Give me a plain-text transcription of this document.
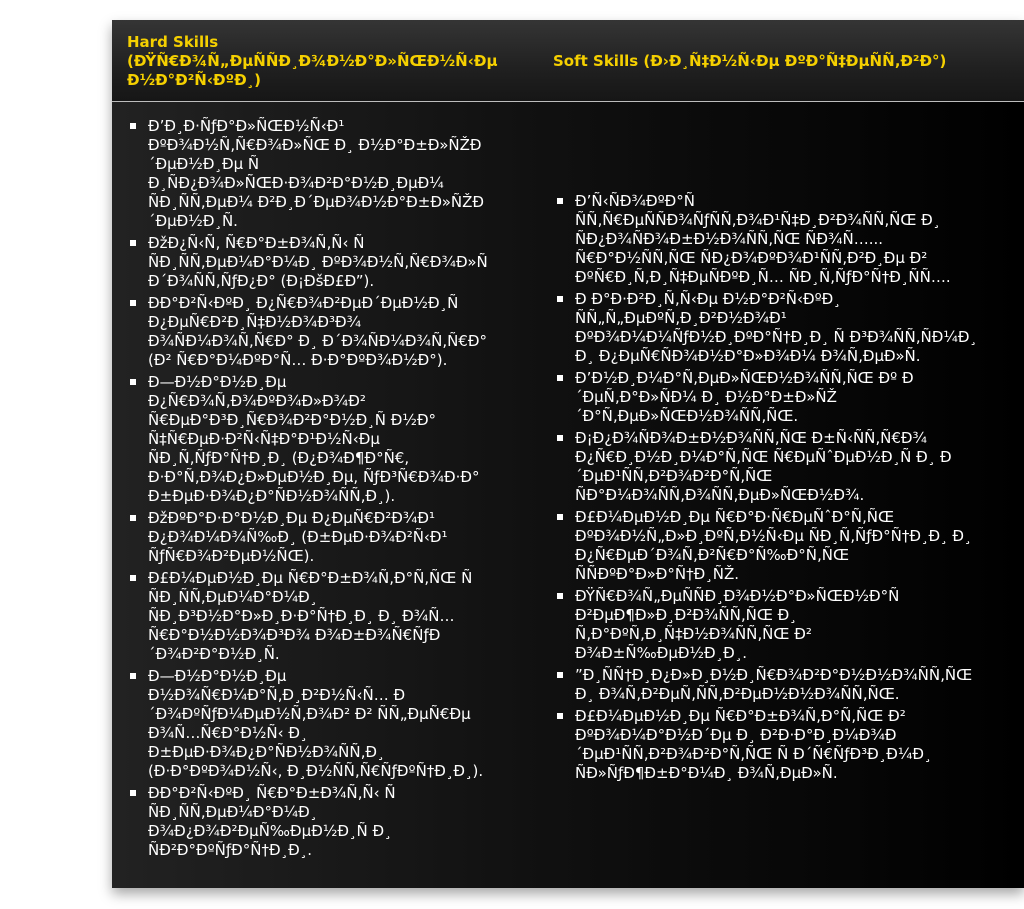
Hard Skills
(ÐŸÑ€Ð¾Ñ„ÐµÑÑÐ¸Ð¾Ð½Ð°Ð»ÑŒÐ½Ñ‹Ðµ
Ð½Ð°Ð²Ñ‹ÐºÐ¸)
Soft Skills (Ð›Ð¸Ñ‡Ð½Ñ‹Ðµ ÐºÐ°Ñ‡ÐµÑÑ‚Ð²Ð°)
Ð’Ð¸Ð·ÑƒÐ°Ð»ÑŒÐ½Ñ‹Ð¹
ÐºÐ¾Ð½Ñ‚Ñ€Ð¾Ð»ÑŒ Ð¸ Ð½Ð°Ð±Ð»ÑŽÐ
´ÐµÐ½Ð¸Ðµ Ñ
Ð¸ÑÐ¿Ð¾Ð»ÑŒÐ·Ð¾Ð²Ð°Ð½Ð¸ÐµÐ¼
ÑÐ¸ÑÑ‚ÐµÐ¼ Ð²Ð¸Ð´ÐµÐ¾Ð½Ð°Ð±Ð»ÑŽÐ
´ÐµÐ½Ð¸Ñ.
ÐžÐ¿Ñ‹Ñ‚ Ñ€Ð°Ð±Ð¾Ñ‚Ñ‹ Ñ
ÑÐ¸ÑÑ‚ÐµÐ¼Ð°Ð¼Ð¸ ÐºÐ¾Ð½Ñ‚Ñ€Ð¾Ð»Ñ
Ð´Ð¾ÑÑ‚ÑƒÐ¿Ð° (Ð¡ÐšÐ£Ð”).
ÐÐ°Ð²Ñ‹ÐºÐ¸ Ð¿Ñ€Ð¾Ð²ÐµÐ´ÐµÐ½Ð¸Ñ
Ð¿ÐµÑ€Ð²Ð¸Ñ‡Ð½Ð¾Ð³Ð¾
Ð¾ÑÐ¼Ð¾Ñ‚Ñ€Ð° Ð¸ Ð´Ð¾ÑÐ¼Ð¾Ñ‚Ñ€Ð°
(Ð² Ñ€Ð°Ð¼ÐºÐ°Ñ… Ð·Ð°ÐºÐ¾Ð½Ð°).
Ð—Ð½Ð°Ð½Ð¸Ðµ
Ð¿Ñ€Ð¾Ñ‚Ð¾ÐºÐ¾Ð»Ð¾Ð²
Ñ€ÐµÐ°Ð³Ð¸Ñ€Ð¾Ð²Ð°Ð½Ð¸Ñ Ð½Ð°
Ñ‡Ñ€ÐµÐ·Ð²Ñ‹Ñ‡Ð°Ð¹Ð½Ñ‹Ðµ
ÑÐ¸Ñ‚ÑƒÐ°Ñ†Ð¸Ð¸ (Ð¿Ð¾Ð¶Ð°Ñ€,
Ð·Ð°Ñ‚Ð¾Ð¿Ð»ÐµÐ½Ð¸Ðµ, ÑƒÐ³Ñ€Ð¾Ð·Ð°
Ð±ÐµÐ·Ð¾Ð¿Ð°ÑÐ½Ð¾ÑÑ‚Ð¸).
ÐžÐºÐ°Ð·Ð°Ð½Ð¸Ðµ Ð¿ÐµÑ€Ð²Ð¾Ð¹
Ð¿Ð¾Ð¼Ð¾Ñ‰Ð¸ (Ð±ÐµÐ·Ð¾Ð²Ñ‹Ð¹
ÑƒÑ€Ð¾Ð²ÐµÐ½ÑŒ).
Ð£Ð¼ÐµÐ½Ð¸Ðµ Ñ€Ð°Ð±Ð¾Ñ‚Ð°Ñ‚ÑŒ Ñ
ÑÐ¸ÑÑ‚ÐµÐ¼Ð°Ð¼Ð¸
ÑÐ¸Ð³Ð½Ð°Ð»Ð¸Ð·Ð°Ñ†Ð¸Ð¸ Ð¸ Ð¾Ñ…
Ñ€Ð°Ð½Ð½Ð¾Ð³Ð¾ Ð¾Ð±Ð¾Ñ€ÑƒÐ
´Ð¾Ð²Ð°Ð½Ð¸Ñ.
Ð—Ð½Ð°Ð½Ð¸Ðµ
Ð½Ð¾Ñ€Ð¼Ð°Ñ‚Ð¸Ð²Ð½Ñ‹Ñ… Ð
´Ð¾ÐºÑƒÐ¼ÐµÐ½Ñ‚Ð¾Ð² Ð² ÑÑ„ÐµÑ€Ðµ
Ð¾Ñ…Ñ€Ð°Ð½Ñ‹ Ð¸
Ð±ÐµÐ·Ð¾Ð¿Ð°ÑÐ½Ð¾ÑÑ‚Ð¸
(Ð·Ð°ÐºÐ¾Ð½Ñ‹, Ð¸Ð½ÑÑ‚Ñ€ÑƒÐºÑ†Ð¸Ð¸).
ÐÐ°Ð²Ñ‹ÐºÐ¸ Ñ€Ð°Ð±Ð¾Ñ‚Ñ‹ Ñ
ÑÐ¸ÑÑ‚ÐµÐ¼Ð°Ð¼Ð¸
Ð¾Ð¿Ð¾Ð²ÐµÑ‰ÐµÐ½Ð¸Ñ Ð¸
ÑÐ²Ð°ÐºÑƒÐ°Ñ†Ð¸Ð¸.
Ð’Ñ‹ÑÐ¾ÐºÐ°Ñ
ÑÑ‚Ñ€ÐµÑÑÐ¾ÑƒÑÑ‚Ð¾Ð¹Ñ‡Ð¸Ð²Ð¾ÑÑ‚ÑŒ Ð¸
ÑÐ¿Ð¾ÑÐ¾Ð±Ð½Ð¾ÑÑ‚ÑŒ ÑÐ¾Ñ…...
Ñ€Ð°Ð½ÑÑ‚ÑŒ ÑÐ¿Ð¾ÐºÐ¾Ð¹ÑÑ‚Ð²Ð¸Ðµ Ð²
ÐºÑ€Ð¸Ñ‚Ð¸Ñ‡ÐµÑÐºÐ¸Ñ… ÑÐ¸Ñ‚ÑƒÐ°Ñ†Ð¸ÑÑ….
Ð Ð°Ð·Ð²Ð¸Ñ‚Ñ‹Ðµ Ð½Ð°Ð²Ñ‹ÐºÐ¸
ÑÑ„Ñ„ÐµÐºÑ‚Ð¸Ð²Ð½Ð¾Ð¹
ÐºÐ¾Ð¼Ð¼ÑƒÐ½Ð¸ÐºÐ°Ñ†Ð¸Ð¸ Ñ Ð³Ð¾ÑÑ‚ÑÐ¼Ð¸
Ð¸ Ð¿ÐµÑ€ÑÐ¾Ð½Ð°Ð»Ð¾Ð¼ Ð¾Ñ‚ÐµÐ»Ñ.
Ð’Ð½Ð¸Ð¼Ð°Ñ‚ÐµÐ»ÑŒÐ½Ð¾ÑÑ‚ÑŒ Ðº Ð
´ÐµÑ‚Ð°Ð»ÑÐ¼ Ð¸ Ð½Ð°Ð±Ð»ÑŽ
´Ð°Ñ‚ÐµÐ»ÑŒÐ½Ð¾ÑÑ‚ÑŒ.
Ð¡Ð¿Ð¾ÑÐ¾Ð±Ð½Ð¾ÑÑ‚ÑŒ Ð±Ñ‹ÑÑ‚Ñ€Ð¾
Ð¿Ñ€Ð¸Ð½Ð¸Ð¼Ð°Ñ‚ÑŒ Ñ€ÐµÑˆÐµÐ½Ð¸Ñ Ð¸ Ð
´ÐµÐ¹ÑÑ‚Ð²Ð¾Ð²Ð°Ñ‚ÑŒ
ÑÐ°Ð¼Ð¾ÑÑ‚Ð¾ÑÑ‚ÐµÐ»ÑŒÐ½Ð¾.
Ð£Ð¼ÐµÐ½Ð¸Ðµ Ñ€Ð°Ð·Ñ€ÐµÑˆÐ°Ñ‚ÑŒ
ÐºÐ¾Ð½Ñ„Ð»Ð¸ÐºÑ‚Ð½Ñ‹Ðµ ÑÐ¸Ñ‚ÑƒÐ°Ñ†Ð¸Ð¸ Ð¸
Ð¿Ñ€ÐµÐ´Ð¾Ñ‚Ð²Ñ€Ð°Ñ‰Ð°Ñ‚ÑŒ
ÑÑÐºÐ°Ð»Ð°Ñ†Ð¸ÑŽ.
ÐŸÑ€Ð¾Ñ„ÐµÑÑÐ¸Ð¾Ð½Ð°Ð»ÑŒÐ½Ð°Ñ
Ð²ÐµÐ¶Ð»Ð¸Ð²Ð¾ÑÑ‚ÑŒ Ð¸
Ñ‚Ð°ÐºÑ‚Ð¸Ñ‡Ð½Ð¾ÑÑ‚ÑŒ Ð²
Ð¾Ð±Ñ‰ÐµÐ½Ð¸Ð¸.
”Ð¸ÑÑ†Ð¸Ð¿Ð»Ð¸Ð½Ð¸Ñ€Ð¾Ð²Ð°Ð½Ð½Ð¾ÑÑ‚ÑŒ
Ð¸ Ð¾Ñ‚Ð²ÐµÑ‚ÑÑ‚Ð²ÐµÐ½Ð½Ð¾ÑÑ‚ÑŒ.
Ð£Ð¼ÐµÐ½Ð¸Ðµ Ñ€Ð°Ð±Ð¾Ñ‚Ð°Ñ‚ÑŒ Ð²
ÐºÐ¾Ð¼Ð°Ð½Ð´Ðµ Ð¸ Ð²Ð·Ð°Ð¸Ð¼Ð¾Ð
´ÐµÐ¹ÑÑ‚Ð²Ð¾Ð²Ð°Ñ‚ÑŒ Ñ Ð´Ñ€ÑƒÐ³Ð¸Ð¼Ð¸
ÑÐ»ÑƒÐ¶Ð±Ð°Ð¼Ð¸ Ð¾Ñ‚ÐµÐ»Ñ.
